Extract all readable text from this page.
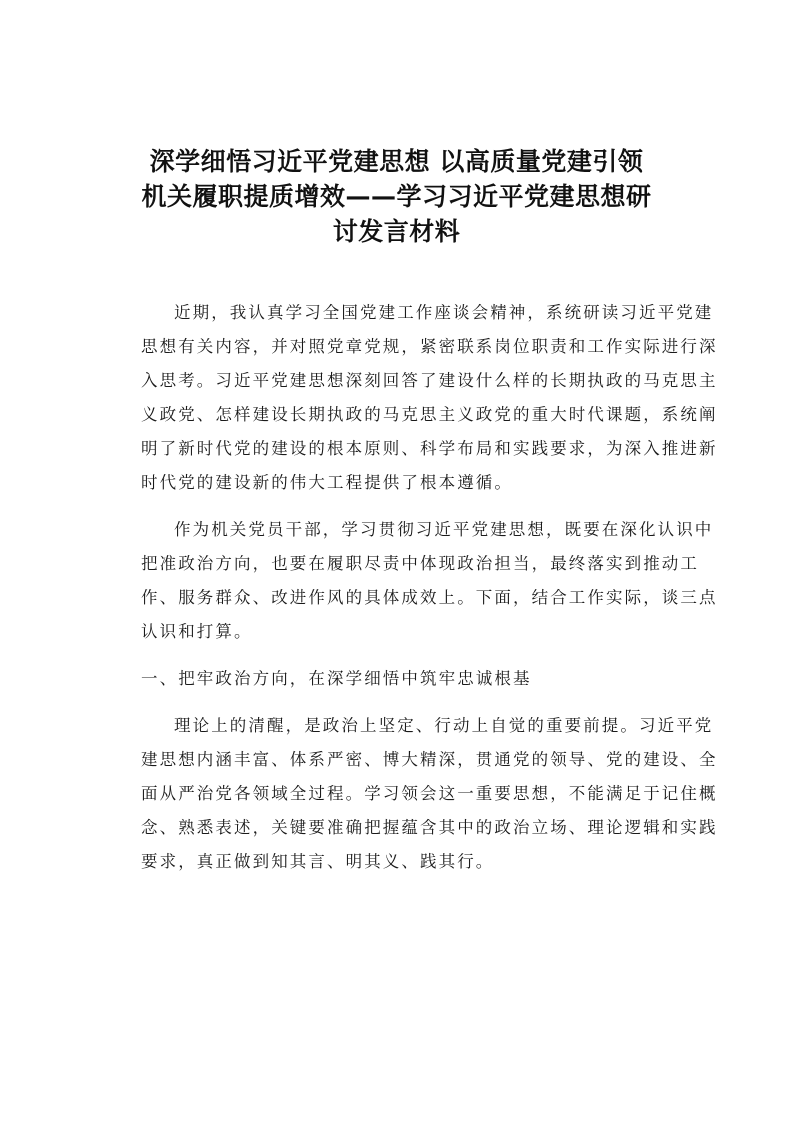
深学细悟习近平党建思想 以高质量党建引领
机关履职提质增效——学习习近平党建思想研
讨发言材料

近期，我认真学习全国党建工作座谈会精神，系统研读习近平党建
思想有关内容，并对照党章党规，紧密联系岗位职责和工作实际进行深
入思考。习近平党建思想深刻回答了建设什么样的长期执政的马克思主
义政党、怎样建设长期执政的马克思主义政党的重大时代课题，系统阐
明了新时代党的建设的根本原则、科学布局和实践要求，为深入推进新
时代党的建设新的伟大工程提供了根本遵循。

作为机关党员干部，学习贯彻习近平党建思想，既要在深化认识中
把准政治方向，也要在履职尽责中体现政治担当，最终落实到推动工
作、服务群众、改进作风的具体成效上。下面，结合工作实际，谈三点
认识和打算。

一、把牢政治方向，在深学细悟中筑牢忠诚根基

理论上的清醒，是政治上坚定、行动上自觉的重要前提。习近平党
建思想内涵丰富、体系严密、博大精深，贯通党的领导、党的建设、全
面从严治党各领域全过程。学习领会这一重要思想，不能满足于记住概
念、熟悉表述，关键要准确把握蕴含其中的政治立场、理论逻辑和实践
要求，真正做到知其言、明其义、践其行。
